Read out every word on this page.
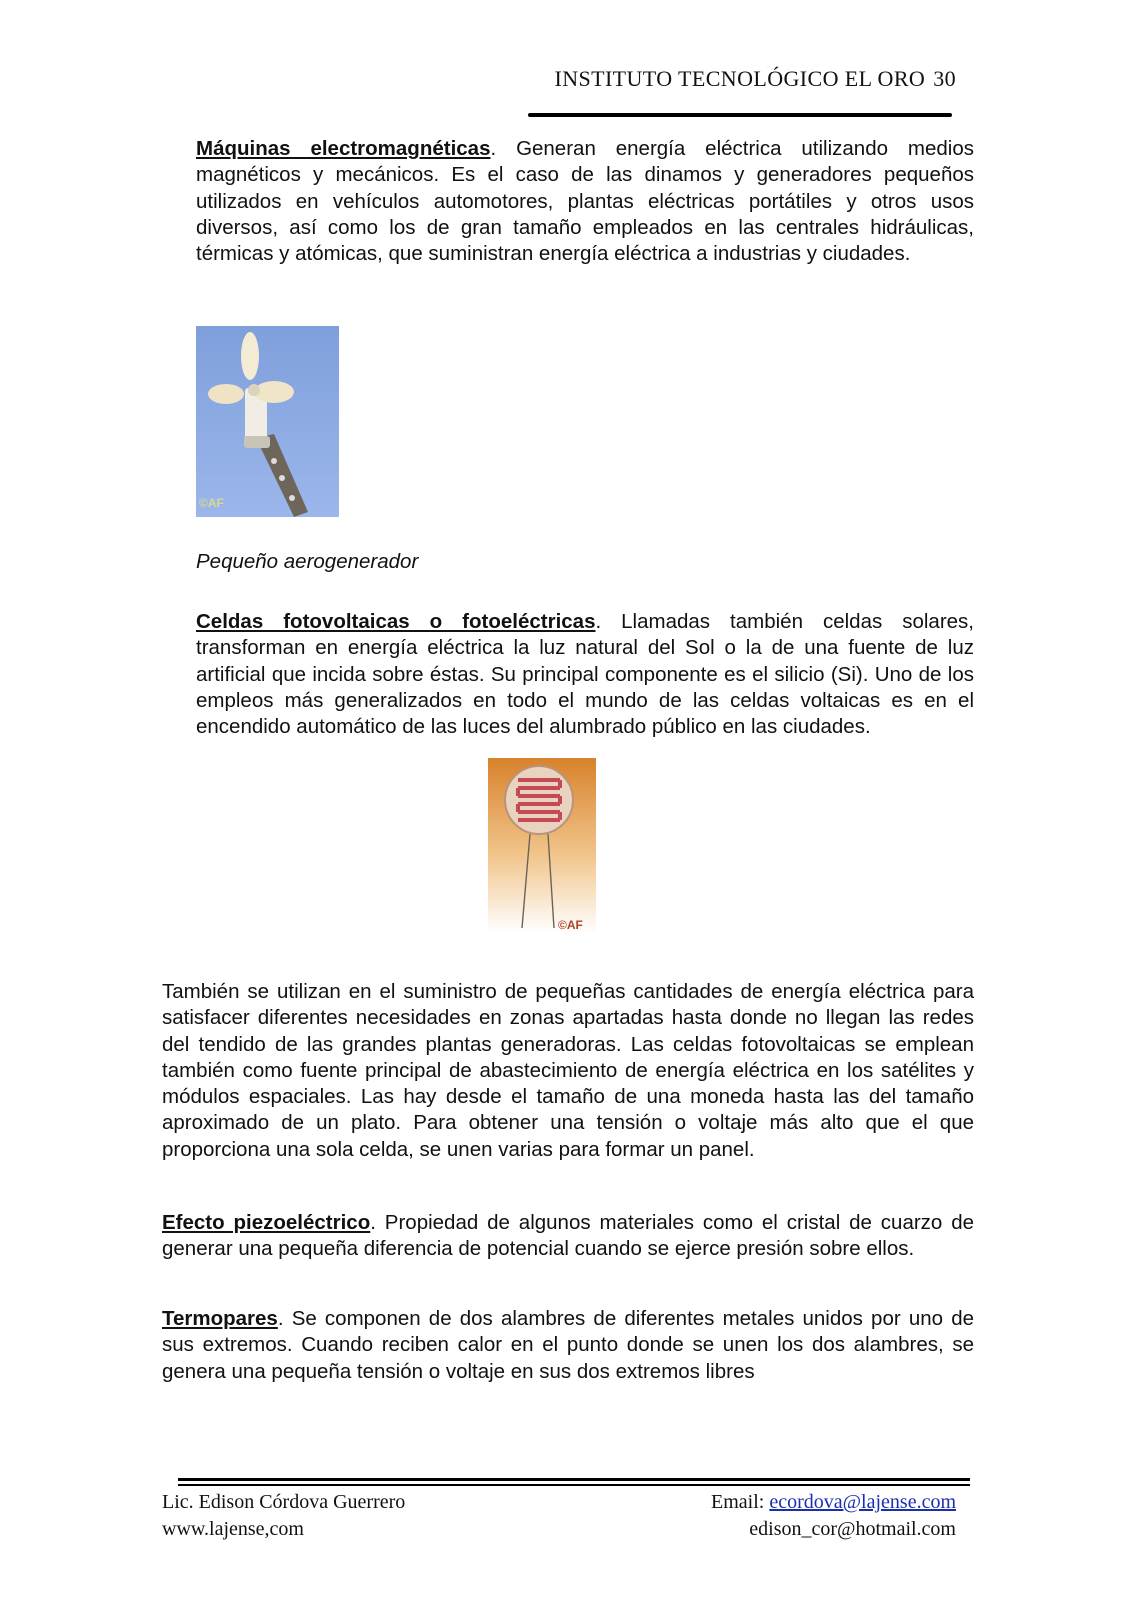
INSTITUTO TECNOLÓGICO EL ORO 30

Máquinas electromagnéticas. Generan energía eléctrica utilizando medios magnéticos y mecánicos. Es el caso de las dinamos y generadores pequeños utilizados en vehículos automotores, plantas eléctricas portátiles y otros usos diversos, así como los de gran tamaño empleados en las centrales hidráulicas, térmicas y atómicas, que suministran energía eléctrica a industrias y ciudades.

©AF
Pequeño aerogenerador

Celdas fotovoltaicas o fotoeléctricas. Llamadas también celdas solares, transforman en energía eléctrica la luz natural del Sol o la de una fuente de luz artificial que incida sobre éstas. Su principal componente es el silicio (Si). Uno de los empleos más generalizados en todo el mundo de las celdas voltaicas es en el encendido automático de las luces del alumbrado público en las ciudades.

©AF

También se utilizan en el suministro de pequeñas cantidades de energía eléctrica para satisfacer diferentes necesidades en zonas apartadas hasta donde no llegan las redes del tendido de las grandes plantas generadoras. Las celdas fotovoltaicas se emplean también como fuente principal de abastecimiento de energía eléctrica en los satélites y módulos espaciales. Las hay desde el tamaño de una moneda hasta las del tamaño aproximado de un plato. Para obtener una tensión o voltaje más alto que el que proporciona una sola celda, se unen varias para formar un panel.

Efecto piezoeléctrico. Propiedad de algunos materiales como el cristal de cuarzo de generar una pequeña diferencia de potencial cuando se ejerce presión sobre ellos.

Termopares. Se componen de dos alambres de diferentes metales unidos por uno de sus extremos. Cuando reciben calor en el punto donde se unen los dos alambres, se genera una pequeña tensión o voltaje en sus dos extremos libres

Lic. Edison Córdova Guerrero
www.lajense,com
Email: ecordova@lajense.com
edison_cor@hotmail.com
